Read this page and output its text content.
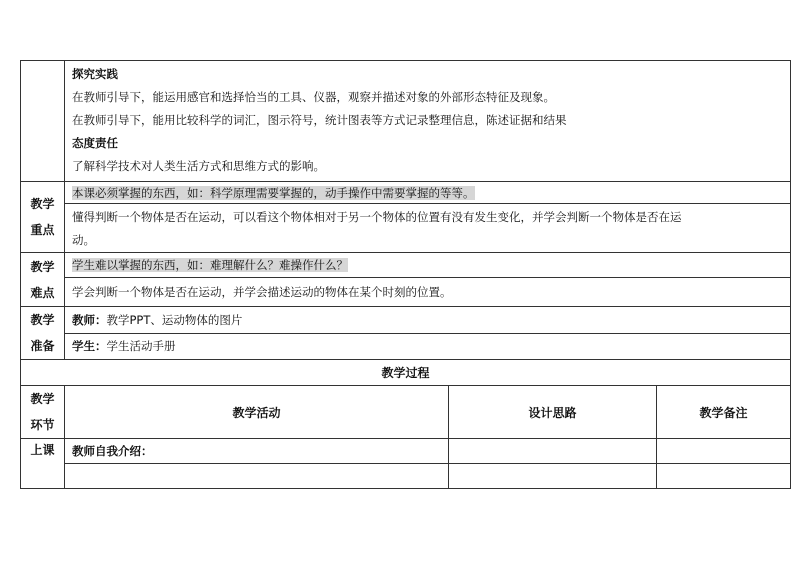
	探究实践
在教师引导下，能运用感官和选择恰当的工具、仪器，观察并描述对象的外部形态特征及现象。
在教师引导下，能用比较科学的词汇，图示符号，统计图表等方式记录整理信息，陈述证据和结果
态度责任
了解科学技术对人类生活方式和思维方式的影响。		

教学
重点	本课必须掌握的东西，如：科学原理需要掌握的，动手操作中需要掌握的等等。		

	懂得判断一个物体是否在运动，可以看这个物体相对于另一个物体的位置有没有发生变化，并学会判断一个物体是否在运
动。		

教学
难点	学生难以掌握的东西，如：难理解什么？难操作什么？		

	学会判断一个物体是否在运动，并学会描述运动的物体在某个时刻的位置。		

教学
准备	教师：教学PPT、运动物体的图片		

	学生：学生活动手册		

教学过程			

教学
环节	教学活动	设计思路	教学备注
上课	教师自我介绍：		
